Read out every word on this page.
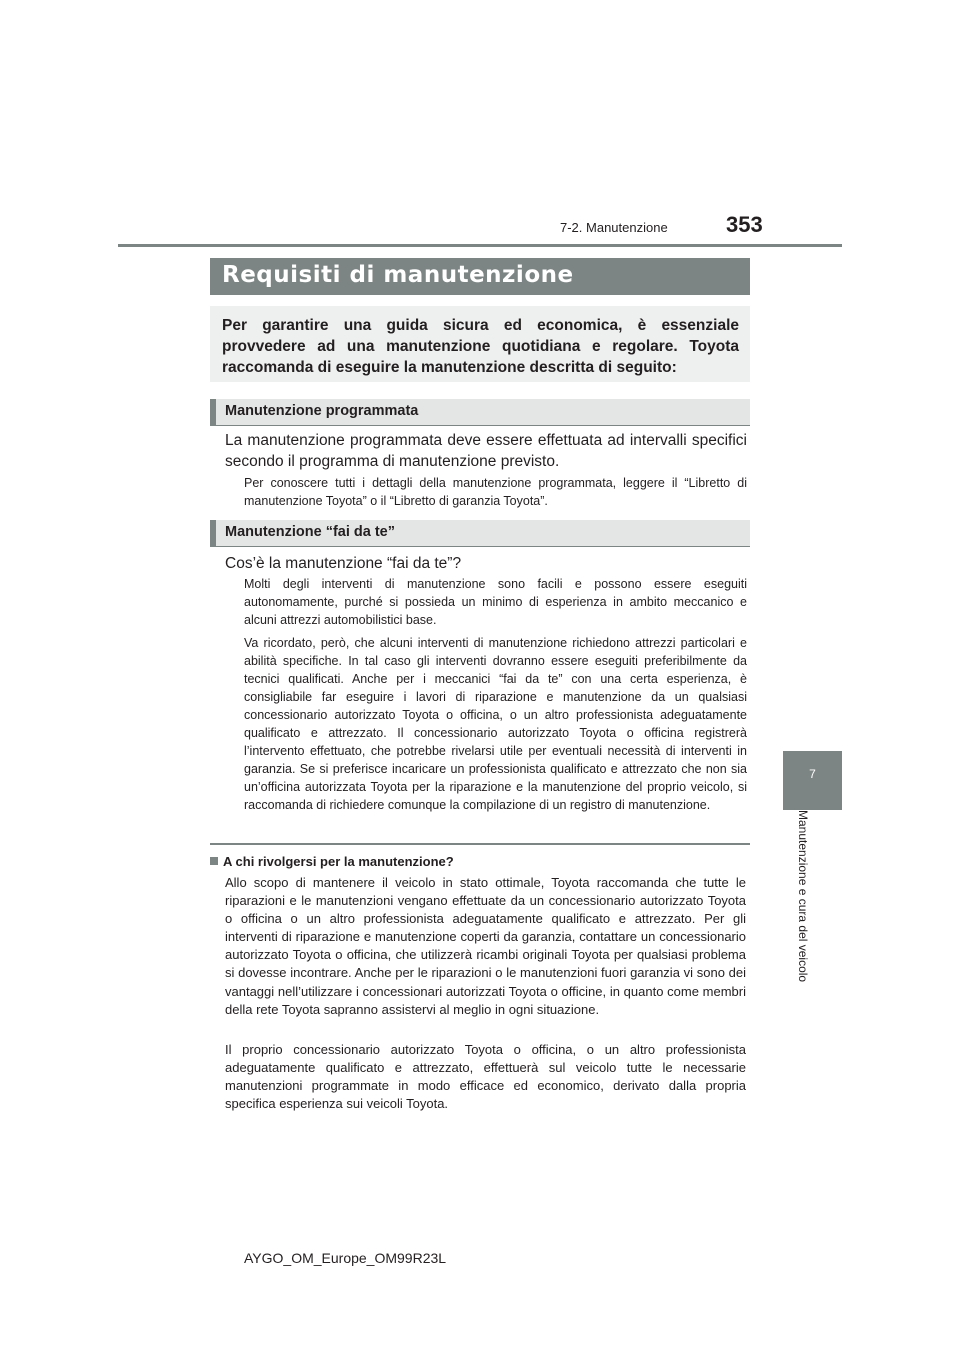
7-2. Manutenzione	353
7
Manutenzione e cura del veicolo
Requisiti di manutenzione
Per garantire una guida sicura ed economica, è essenziale provvedere ad una manutenzione quotidiana e regolare. Toyota raccomanda di eseguire la manutenzione descritta di seguito:
Manutenzione programmata
La manutenzione programmata deve essere effettuata ad intervalli specifici secondo il programma di manutenzione previsto.

Per conoscere tutti i dettagli della manutenzione programmata, leggere il “Libretto di manutenzione Toyota” o il “Libretto di garanzia Toyota”.

Manutenzione “fai da te”
Cos’è la manutenzione “fai da te”?

Molti degli interventi di manutenzione sono facili e possono essere eseguiti autonomamente, purché si possieda un minimo di esperienza in ambito meccanico e alcuni attrezzi automobilistici base.

Va ricordato, però, che alcuni interventi di manutenzione richiedono attrezzi particolari e abilità specifiche. In tal caso gli interventi dovranno essere eseguiti preferibilmente da tecnici qualificati. Anche per i meccanici “fai da te” con una certa esperienza, è consigliabile far eseguire i lavori di riparazione e manutenzione da un qualsiasi concessionario autorizzato Toyota o officina, o un altro professionista adeguatamente qualificato e attrezzato. Il concessionario autorizzato Toyota o officina registrerà l’intervento effettuato, che potrebbe rivelarsi utile per eventuali necessità di interventi in garanzia. Se si preferisce incaricare un professionista qualificato e attrezzato che non sia un’officina autorizzata Toyota per la riparazione e la manutenzione del proprio veicolo, si raccomanda di richiedere comunque la compilazione di un registro di manutenzione.

A chi rivolgersi per la manutenzione?

Allo scopo di mantenere il veicolo in stato ottimale, Toyota raccomanda che tutte le riparazioni e le manutenzioni vengano effettuate da un concessionario autorizzato Toyota o officina o un altro professionista adeguatamente qualificato e attrezzato. Per gli interventi di riparazione e manutenzione coperti da garanzia, contattare un concessionario autorizzato Toyota o officina, che utilizzerà ricambi originali Toyota per qualsiasi problema si dovesse incontrare. Anche per le riparazioni o le manutenzioni fuori garanzia vi sono dei vantaggi nell’utilizzare i concessionari autorizzati Toyota o officine, in quanto come membri della rete Toyota sapranno assistervi al meglio in ogni situazione.

Il proprio concessionario autorizzato Toyota o officina, o un altro professionista adeguatamente qualificato e attrezzato, effettuerà sul veicolo tutte le necessarie manutenzioni programmate in modo efficace ed economico, derivato dalla propria specifica esperienza sui veicoli Toyota.

AYGO_OM_Europe_OM99R23L
